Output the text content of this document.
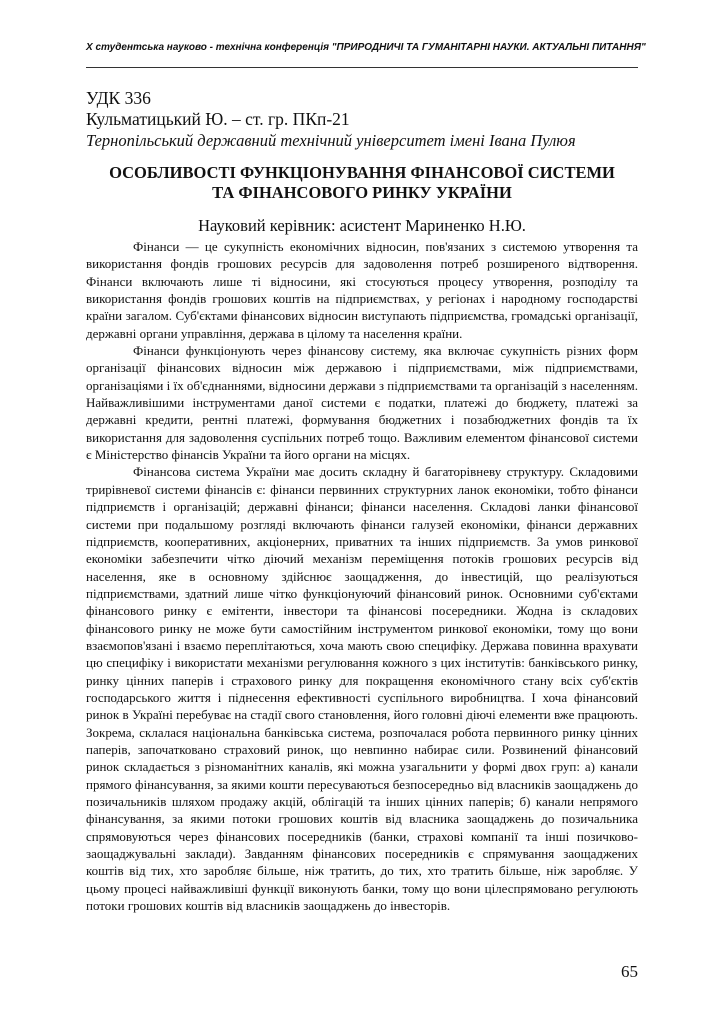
Х студентська науково - технічна конференція "ПРИРОДНИЧІ ТА ГУМАНІТАРНІ НАУКИ. АКТУАЛЬНІ ПИТАННЯ"
УДК 336
Кульматицький Ю. – ст. гр. ПКп-21
Тернопільський державний технічний університет імені Івана Пулюя
ОСОБЛИВОСТІ ФУНКЦІОНУВАННЯ ФІНАНСОВОЇ СИСТЕМИ
ТА ФІНАНСОВОГО РИНКУ УКРАЇНИ
Науковий керівник: асистент Мариненко Н.Ю.

Фінанси — це сукупність економічних відносин, пов'язаних з системою утворення та використання фондів грошових ресурсів для задоволення потреб розширеного відтворення. Фінанси включають лише ті відносини, які стосуються процесу утворення, розподілу та використання фондів грошових коштів на підприємствах, у регіонах і народному господарстві країни загалом. Суб'єктами фінансових відносин виступають підприємства, громадські організації, державні органи управління, держава в цілому та населення країни.

Фінанси функціонують через фінансову систему, яка включає сукупність різних форм організації фінансових відносин між державою і підприємствами, між підприємствами, організаціями і їх об'єднаннями, відносини держави з підприємствами та організацій з населенням. Найважливішими інструментами даної системи є податки, платежі до бюджету, платежі за державні кредити, рентні платежі, формування бюджетних і позабюджетних фондів та їх використання для задоволення суспільних потреб тощо. Важливим елементом фінансової системи є Міністерство фінансів України та його органи на місцях.

Фінансова система України має досить складну й багаторівневу структуру. Складовими трирівневої системи фінансів є: фінанси первинних структурних ланок економіки, тобто фінанси підприємств і організацій; державні фінанси; фінанси населення. Складові ланки фінансової системи при подальшому розгляді включають фінанси галузей економіки, фінанси державних підприємств, кооперативних, акціонерних, приватних та інших підприємств. За умов ринкової економіки забезпечити чітко діючий механізм переміщення потоків грошових ресурсів від населення, яке в основному здійснює заощадження, до інвестицій, що реалізуються підприємствами, здатний лише чітко функціонуючий фінансовий ринок. Основними суб'єктами фінансового ринку є емітенти, інвестори та фінансові посередники. Жодна із складових фінансового ринку не може бути самостійним інструментом ринкової економіки, тому що вони взаємопов'язані і взаємо переплітаються, хоча мають свою специфіку. Держава повинна врахувати цю специфіку і використати механізми регулювання кожного з цих інститутів: банківського ринку, ринку цінних паперів і страхового ринку для покращення економічного стану всіх суб'єктів господарського життя і піднесення ефективності суспільного виробництва. І хоча фінансовий ринок в Україні перебуває на стадії свого становлення, його головні діючі елементи вже працюють. Зокрема, склалася національна банківська система, розпочалася робота первинного ринку цінних паперів, започатковано страховий ринок, що невпинно набирає сили. Розвинений фінансовий ринок складається з різноманітних каналів, які можна узагальнити у формі двох груп: а) канали прямого фінансування, за якими кошти пересуваються безпосередньо від власників заощаджень до позичальників шляхом продажу акцій, облігацій та інших цінних паперів; б) канали непрямого фінансування, за якими потоки грошових коштів від власника заощаджень до позичальника спрямовуються через фінансових посередників (банки, страхові компанії та інші позичково-заощаджувальні заклади). Завданням фінансових посередників є спрямування заощаджених коштів від тих, хто заробляє більше, ніж тратить, до тих, хто тратить більше, ніж заробляє. У цьому процесі найважливіші функції виконують банки, тому що вони цілеспрямовано регулюють потоки грошових коштів від власників заощаджень до інвесторів.

65
